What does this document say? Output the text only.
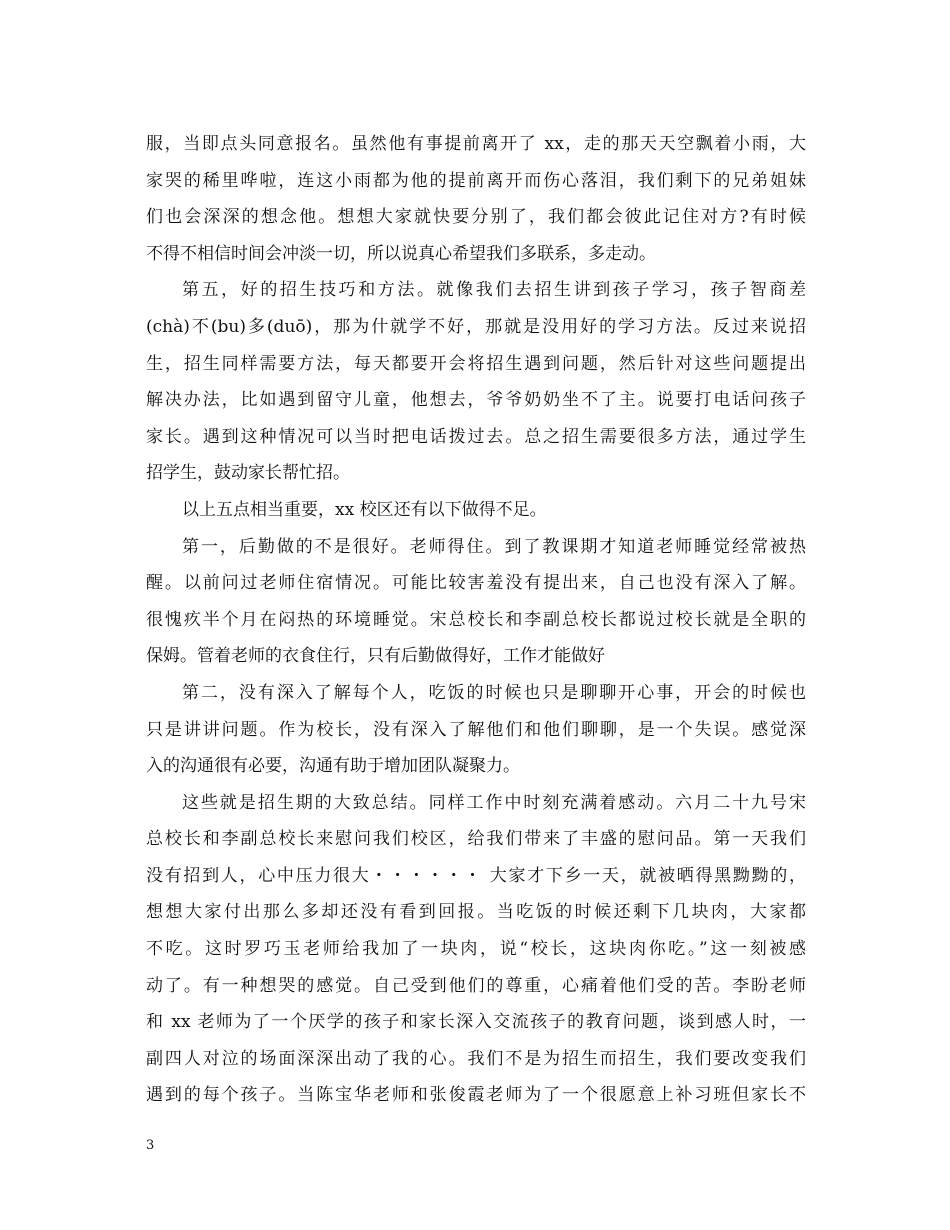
服，当即点头同意报名。虽然他有事提前离开了 xx，走的那天天空飘着小雨，大
家哭的稀里哗啦，连这小雨都为他的提前离开而伤心落泪，我们剩下的兄弟姐妹
们也会深深的想念他。想想大家就快要分别了，我们都会彼此记住对方?有时候
不得不相信时间会冲淡一切，所以说真心希望我们多联系，多走动。
第五，好的招生技巧和方法。就像我们去招生讲到孩子学习，孩子智商差
(chà)不(bu)多(duō)，那为什就学不好，那就是没用好的学习方法。反过来说招
生，招生同样需要方法，每天都要开会将招生遇到问题，然后针对这些问题提出
解决办法，比如遇到留守儿童，他想去，爷爷奶奶坐不了主。说要打电话问孩子
家长。遇到这种情况可以当时把电话拨过去。总之招生需要很多方法，通过学生
招学生，鼓动家长帮忙招。
以上五点相当重要，xx 校区还有以下做得不足。
第一，后勤做的不是很好。老师得住。到了教课期才知道老师睡觉经常被热
醒。以前问过老师住宿情况。可能比较害羞没有提出来，自己也没有深入了解。
很愧疚半个月在闷热的环境睡觉。宋总校长和李副总校长都说过校长就是全职的
保姆。管着老师的衣食住行，只有后勤做得好，工作才能做好
第二，没有深入了解每个人，吃饭的时候也只是聊聊开心事，开会的时候也
只是讲讲问题。作为校长，没有深入了解他们和他们聊聊，是一个失误。感觉深
入的沟通很有必要，沟通有助于增加团队凝聚力。
这些就是招生期的大致总结。同样工作中时刻充满着感动。六月二十九号宋
总校长和李副总校长来慰问我们校区，给我们带来了丰盛的慰问品。第一天我们
没有招到人，心中压力很大・・・・・・ 大家才下乡一天，就被晒得黑黝黝的，
想想大家付出那么多却还没有看到回报。当吃饭的时候还剩下几块肉，大家都
不吃。这时罗巧玉老师给我加了一块肉，说“校长，这块肉你吃。”这一刻被感
动了。有一种想哭的感觉。自己受到他们的尊重，心痛着他们受的苦。李盼老师
和 xx 老师为了一个厌学的孩子和家长深入交流孩子的教育问题，谈到感人时，一
副四人对泣的场面深深出动了我的心。我们不是为招生而招生，我们要改变我们
遇到的每个孩子。当陈宝华老师和张俊霞老师为了一个很愿意上补习班但家长不
3
